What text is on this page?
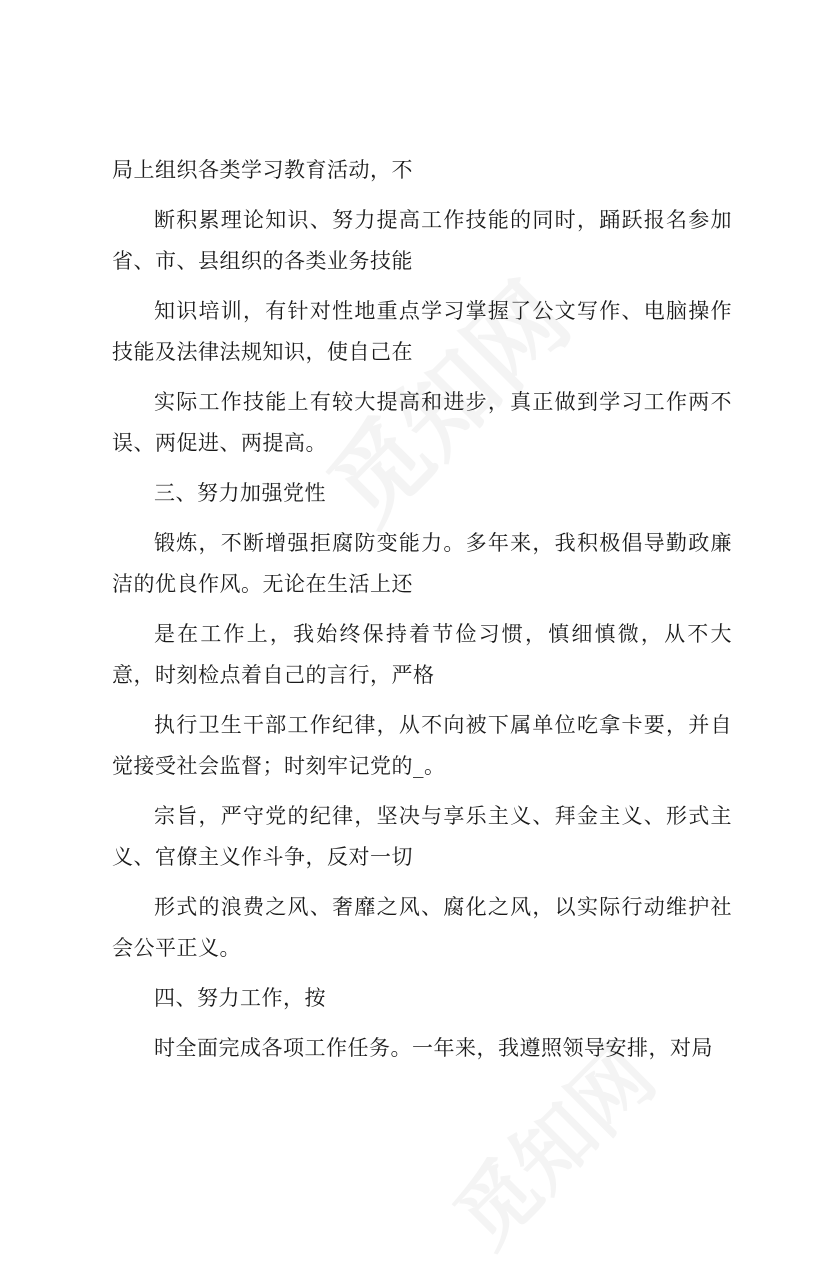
局上组织各类学习教育活动，不

断积累理论知识、努力提高工作技能的同时，踊跃报名参加省、市、县组织的各类业务技能

知识培训，有针对性地重点学习掌握了公文写作、电脑操作技能及法律法规知识，使自己在

实际工作技能上有较大提高和进步，真正做到学习工作两不误、两促进、两提高。

三、努力加强党性

锻炼，不断增强拒腐防变能力。多年来，我积极倡导勤政廉洁的优良作风。无论在生活上还

是在工作上，我始终保持着节俭习惯，慎细慎微，从不大意，时刻检点着自己的言行，严格

执行卫生干部工作纪律，从不向被下属单位吃拿卡要，并自觉接受社会监督；时刻牢记党的_。

宗旨，严守党的纪律，坚决与享乐主义、拜金主义、形式主义、官僚主义作斗争，反对一切

形式的浪费之风、奢靡之风、腐化之风，以实际行动维护社会公平正义。

四、努力工作，按

时全面完成各项工作任务。一年来，我遵照领导安排，对局
